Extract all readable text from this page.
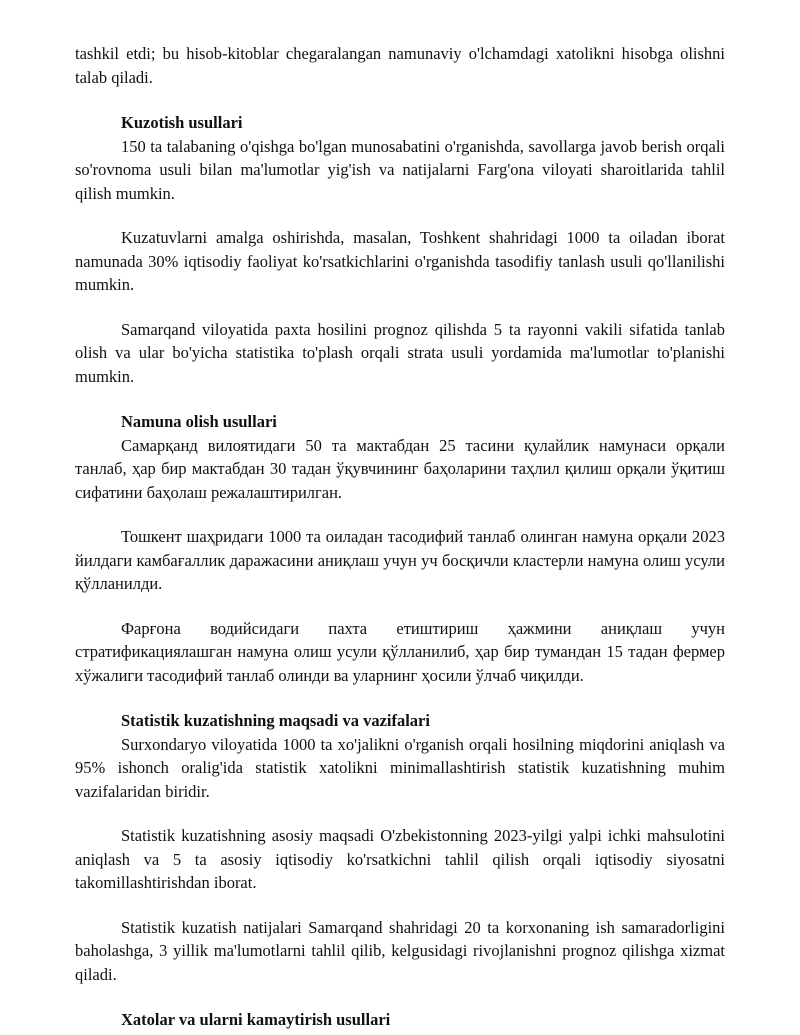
tashkil etdi; bu hisob-kitoblar chegaralangan namunaviy o'lchamdagi xatolikni hisobga olishni talab qiladi.

Kuzotish usullari

150 ta talabaning o'qishga bo'lgan munosabatini o'rganishda, savollarga javob berish orqali so'rovnoma usuli bilan ma'lumotlar yig'ish va natijalarni Farg'ona viloyati sharoitlarida tahlil qilish mumkin.

Kuzatuvlarni amalga oshirishda, masalan, Toshkent shahridagi 1000 ta oiladan iborat namunada 30% iqtisodiy faoliyat ko'rsatkichlarini o'rganishda tasodifiy tanlash usuli qo'llanilishi mumkin.

Samarqand viloyatida paxta hosilini prognoz qilishda 5 ta rayonni vakili sifatida tanlab olish va ular bo'yicha statistika to'plash orqali strata usuli yordamida ma'lumotlar to'planishi mumkin.

Namuna olish usullari

Самарқанд вилоятидаги 50 та мактабдан 25 тасини қулайлик намунаси орқали танлаб, ҳар бир мактабдан 30 тадан ўқувчининг баҳоларини таҳлил қилиш орқали ўқитиш сифатини баҳолаш режалаштирилган.

Тошкент шаҳридаги 1000 та оиладан тасодифий танлаб олинган намуна орқали 2023 йилдаги камбағаллик даражасини аниқлаш учун уч босқичли кластерли намуна олиш усули қўлланилди.

Фарғона водийсидаги пахта етиштириш ҳажмини аниқлаш учун стратификациялашган намуна олиш усули қўлланилиб, ҳар бир тумандан 15 тадан фермер хўжалиги тасодифий танлаб олинди ва уларнинг ҳосили ўлчаб чиқилди.

Statistik kuzatishning maqsadi va vazifalari

Surxondaryo viloyatida 1000 ta xo'jalikni o'rganish orqali hosilning miqdorini aniqlash va 95% ishonch oralig'ida statistik xatolikni minimallashtirish statistik kuzatishning muhim vazifalaridan biridir.

Statistik kuzatishning asosiy maqsadi O'zbekistonning 2023-yilgi yalpi ichki mahsulotini aniqlash va 5 ta asosiy iqtisodiy ko'rsatkichni tahlil qilish orqali iqtisodiy siyosatni takomillashtirishdan iborat.

Statistik kuzatish natijalari Samarqand shahridagi 20 ta korxonaning ish samaradorligini baholashga, 3 yillik ma'lumotlarni tahlil qilib, kelgusidagi rivojlanishni prognoz qilishga xizmat qiladi.

Xatolar va ularni kamaytirish usullari
